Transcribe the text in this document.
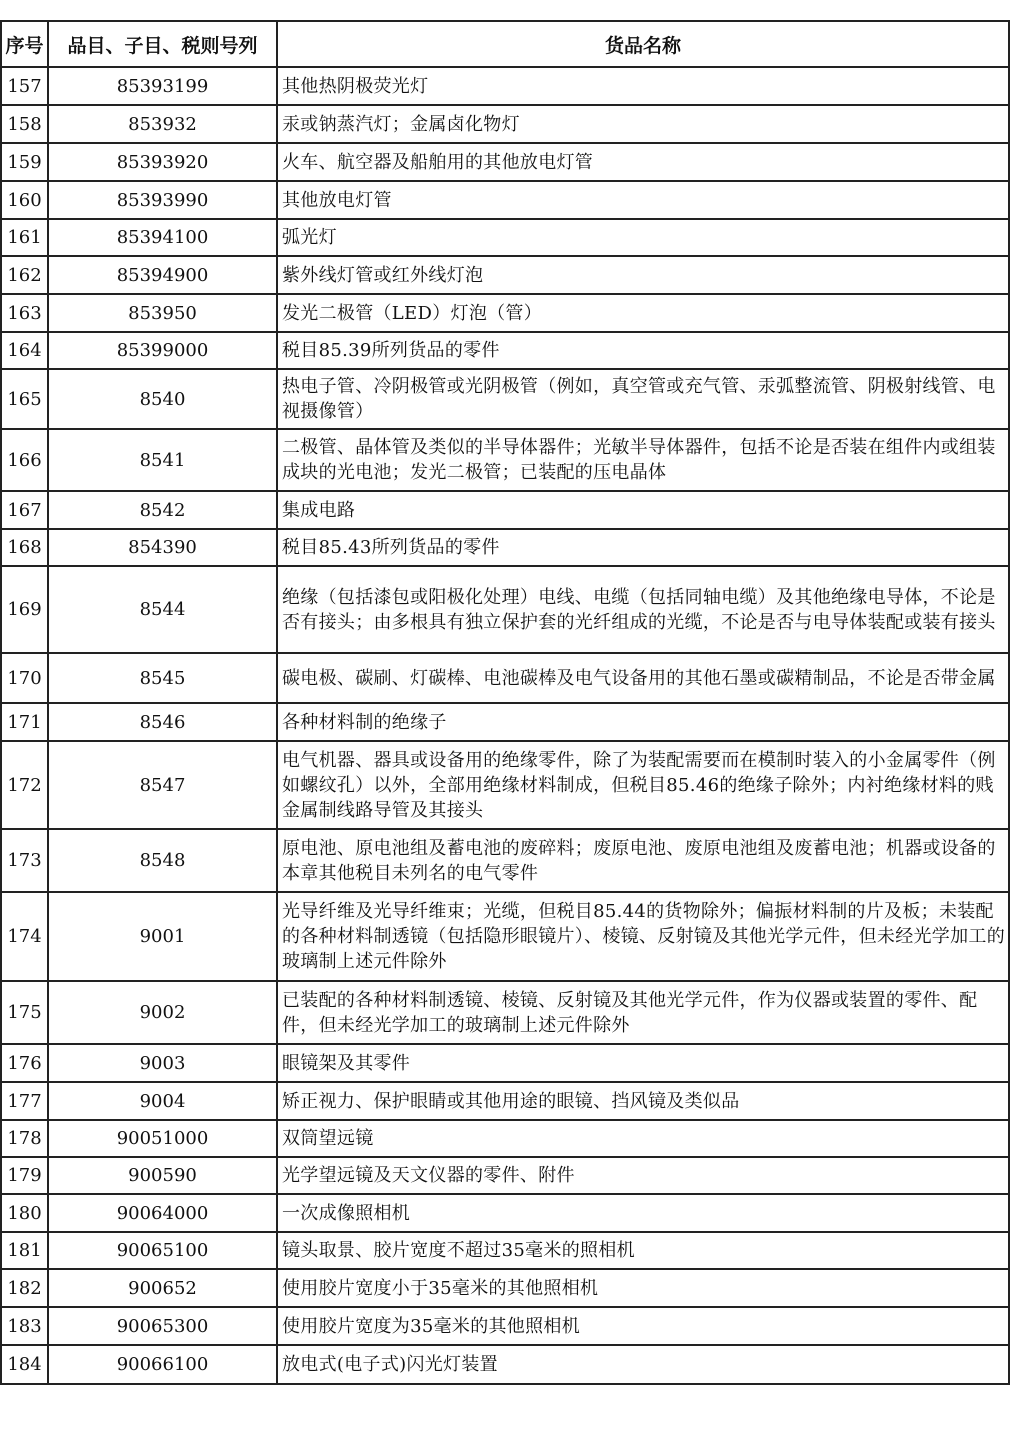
序号	品目、子目、税则号列	货品名称
157	85393199	其他热阴极荧光灯
158	853932	汞或钠蒸汽灯；金属卤化物灯
159	85393920	火车、航空器及船舶用的其他放电灯管
160	85393990	其他放电灯管
161	85394100	弧光灯
162	85394900	紫外线灯管或红外线灯泡
163	853950	发光二极管（LED）灯泡（管）
164	85399000	税目85.39所列货品的零件
165	8540	热电子管、冷阴极管或光阴极管（例如，真空管或充气管、汞弧整流管、阴极射线管、电视摄像管）
166	8541	二极管、晶体管及类似的半导体器件；光敏半导体器件，包括不论是否装在组件内或组装成块的光电池；发光二极管；已装配的压电晶体
167	8542	集成电路
168	854390	税目85.43所列货品的零件
169	8544	绝缘（包括漆包或阳极化处理）电线、电缆（包括同轴电缆）及其他绝缘电导体，不论是否有接头；由多根具有独立保护套的光纤组成的光缆，不论是否与电导体装配或装有接头
170	8545	碳电极、碳刷、灯碳棒、电池碳棒及电气设备用的其他石墨或碳精制品，不论是否带金属
171	8546	各种材料制的绝缘子
172	8547	电气机器、器具或设备用的绝缘零件，除了为装配需要而在模制时装入的小金属零件（例如螺纹孔）以外，全部用绝缘材料制成，但税目85.46的绝缘子除外；内衬绝缘材料的贱金属制线路导管及其接头
173	8548	原电池、原电池组及蓄电池的废碎料；废原电池、废原电池组及废蓄电池；机器或设备的本章其他税目未列名的电气零件
174	9001	光导纤维及光导纤维束；光缆，但税目85.44的货物除外；偏振材料制的片及板；未装配的各种材料制透镜（包括隐形眼镜片）、棱镜、反射镜及其他光学元件，但未经光学加工的玻璃制上述元件除外
175	9002	已装配的各种材料制透镜、棱镜、反射镜及其他光学元件，作为仪器或装置的零件、配件，但未经光学加工的玻璃制上述元件除外
176	9003	眼镜架及其零件
177	9004	矫正视力、保护眼睛或其他用途的眼镜、挡风镜及类似品
178	90051000	双筒望远镜
179	900590	光学望远镜及天文仪器的零件、附件
180	90064000	一次成像照相机
181	90065100	镜头取景、胶片宽度不超过35毫米的照相机
182	900652	使用胶片宽度小于35毫米的其他照相机
183	90065300	使用胶片宽度为35毫米的其他照相机
184	90066100	放电式(电子式)闪光灯装置
